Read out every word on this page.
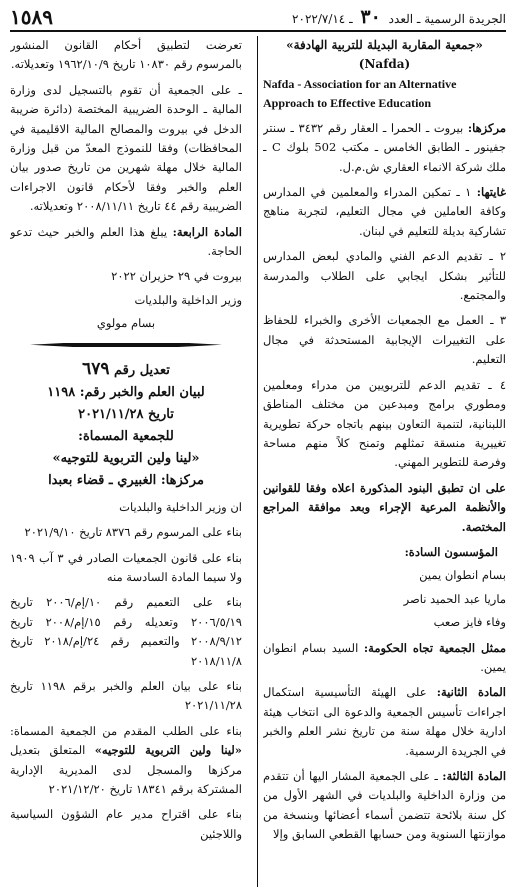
الجريدة الرسمية ـ العدد ٣٠ ـ ٢٠٢٢/٧/١٤
١٥٨٩

«جمعية المقاربة البديلة للتربية الهادفة» (Nafda)

Nafda - Association for an Alternative Approach to Effective Education

مركزها: بيروت ـ الحمرا ـ العقار رقم ٣٤٣٢ ـ سنتر جفينور ـ الطابق الخامس ـ مكتب 502 بلوك C ـ ملك شركة الانماء العقاري ش.م.ل.

غايتها: ١ ـ تمكين المدراء والمعلمين في المدارس وكافة العاملين في مجال التعليم، لتجربة مناهج تشاركية بديلة للتعليم في لبنان.

٢ ـ تقديم الدعم الفني والمادي لبعض المدارس للتأثير بشكل ايجابي على الطلاب والمدرسة والمجتمع.

٣ ـ العمل مع الجمعيات الأخرى والخبراء للحفاظ على التغييرات الإيجابية المستحدثة في مجال التعليم.

٤ ـ تقديم الدعم للتربويين من مدراء ومعلمين ومطوري برامج ومبدعين من مختلف المناطق اللبنانية، لتنمية التعاون بينهم باتجاه حركة تطويرية تغييرية منسقة تمثلهم وتمنح كلاً منهم مساحة وفرصة للتطوير المهني.

على ان تطبق البنود المذكورة اعلاه وفقا للقوانين والأنظمة المرعية الإجراء وبعد موافقة المراجع المختصة.

المؤسسون السادة:

بسام انطوان يمين

ماريا عبد الحميد ناصر

وفاء فايز صعب

ممثل الجمعية تجاه الحكومة: السيد بسام انطوان يمين.

المادة الثانية: على الهيئة التأسيسية استكمال اجراءات تأسيس الجمعية والدعوة الى انتخاب هيئة ادارية خلال مهلة سنة من تاريخ نشر العلم والخبر في الجريدة الرسمية.

المادة الثالثة: ـ على الجمعية المشار اليها أن تتقدم من وزارة الداخلية والبلديات في الشهر الأول من كل سنة بلائحة تتضمن أسماء أعضائها وبنسخة من موازنتها السنوية ومن حسابها القطعي السابق وإلا

تعرضت لتطبيق أحكام القانون المنشور بالمرسوم رقم ١٠٨٣٠ تاريخ ١٩٦٢/١٠/٩ وتعديلاته.

ـ على الجمعية أن تقوم بالتسجيل لدى وزارة المالية ـ الوحدة الضريبية المختصة (دائرة ضريبة الدخل في بيروت والمصالح المالية الاقليمية في المحافظات) وفقا للنموذج المعدّ من قبل وزارة المالية خلال مهلة شهرين من تاريخ صدور بيان العلم والخبر وفقا لأحكام قانون الاجراءات الضريبية رقم ٤٤ تاريخ ٢٠٠٨/١١/١١ وتعديلاته.

المادة الرابعة: يبلغ هذا العلم والخبر حيث تدعو الحاجة.

بيروت في ٢٩ حزيران ٢٠٢٢

وزير الداخلية والبلديات

بسام مولوي

تعديل رقم ٦٧٩

لبيان العلم والخبر رقم: ١١٩٨

تاريخ ٢٠٢١/١١/٢٨

للجمعية المسماة:

«لينا ولين التربوية للتوجيه»

مركزها: الغبيري ـ قضاء بعبدا

ان وزير الداخلية والبلديات

بناء على المرسوم رقم ٨٣٧٦ تاريخ ٢٠٢١/٩/١٠

بناء على قانون الجمعيات الصادر في ٣ آب ١٩٠٩ ولا سيما المادة السادسة منه

بناء على التعميم رقم ١٠/إم/٢٠٠٦ تاريخ ٢٠٠٦/٥/١٩ وتعديله رقم ١٥/إم/٢٠٠٨ تاريخ ٢٠٠٨/٩/١٢ والتعميم رقم ٢٤/إم/٢٠١٨ تاريخ ٢٠١٨/١١/٨

بناء على بيان العلم والخبر برقم ١١٩٨ تاريخ ٢٠٢١/١١/٢٨

بناء على الطلب المقدم من الجمعية المسماة: «لينا ولين التربوية للتوجيه» المتعلق بتعديل مركزها والمسجل لدى المديرية الإدارية المشتركة برقم ١٨٣٤١ تاريخ ٢٠٢١/١٢/٢٠

بناء على اقتراح مدير عام الشؤون السياسية واللاجئين
